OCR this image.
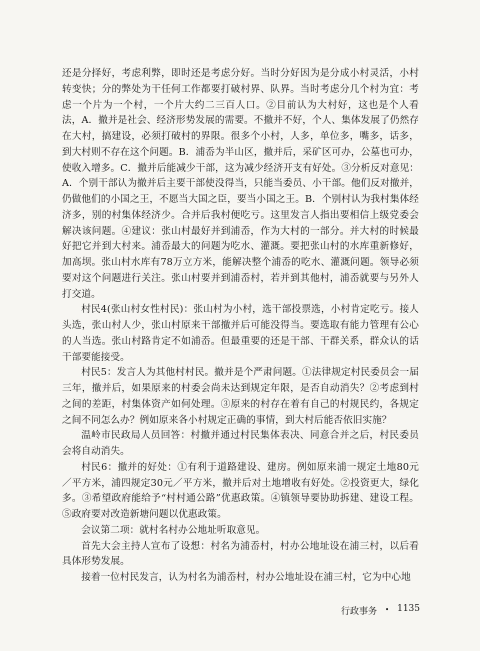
还是分择好，考虑利弊，即时还是考虑分好。当时分好因为是分成小村灵活，小村转变快；分的弊处为干任何工作都要打破村界、队界。当时考虑分几个村为宜：考虑一个片为一个村，一个片大约二三百人口。②目前认为大村好，这也是个人看法，A．撤并是社会、经济形势发展的需要。不撤并不好，个人、集体发展了仍然存在大村，搞建设，必须打破村的界限。很多个小村，人多，单位多，嘴多，话多，到大村则不存在这个问题。B．浦岙为半山区，撤并后，采矿区可办，公墓也可办，使收入增多。C．撤并后能减少干部，这为减少经济开支有好处。③分析反对意见：A．个别干部认为撤并后主要干部使没得当，只能当委员、小干部。他们反对撤并，仍做他们的小国之王，不愿当大国之臣，要当小国之王。B．个别村认为我村集体经济多，别的村集体经济少。合并后我村便吃亏。这里发言人指出要相信上级党委会解决该问题。④建议：张山村最好并到浦岙，作为大村的一部分。并大村的时候最好把它并到大村来。浦岙最大的问题为吃水、灌溉。要把张山村的水库重新修好，加高坝。张山村水库有78万立方米，能解决整个浦岙的吃水、灌溉问题。领导必须要对这个问题进行关注。张山村要并到浦岙村，若并到其他村，浦岙就要与另外人打交道。

村民4(张山村女性村民)：张山村为小村，选干部投票选，小村肯定吃亏。接人头选，张山村人少，张山村原来干部撤并后可能没得当。要选取有能力管理有公心的人当选。张山村路肯定不如浦岙。但最重要的还是干部、干群关系，群众认的话干部要能接受。

村民5：发言人为其他村村民。撤并是个严肃问题。①法律规定村民委员会一届三年，撤并后，如果原来的村委会尚未达到规定年限，是否自动消失？②考虑到村之间的差距，村集体资产如何处理。③原来的村存在着有自己的村规民约，各规定之间不同怎么办？例如原来各小村规定正确的事情，到大村后能否依旧实施？

温岭市民政局人员回答：村撤并通过村民集体表决、同意合并之后，村民委员会将自动消失。

村民6：撤并的好处：①有利于道路建设、建房。例如原来浦一规定土地80元／平方米，浦四规定30元／平方米，撤并后对土地增收有好处。②投资更大，绿化多。③希望政府能给予“村村通公路”优惠政策。④镇领导要协助拆建、建设工程。⑤政府要对改造新塘问题以优惠政策。

会议第二项：就村名村办公地址听取意见。

首先大会主持人宣布了设想：村名为浦岙村，村办公地址设在浦三村，以后看具体形势发展。

接着一位村民发言，认为村名为浦岙村，村办公地址设在浦三村，它为中心地

行政事务 • 1135
